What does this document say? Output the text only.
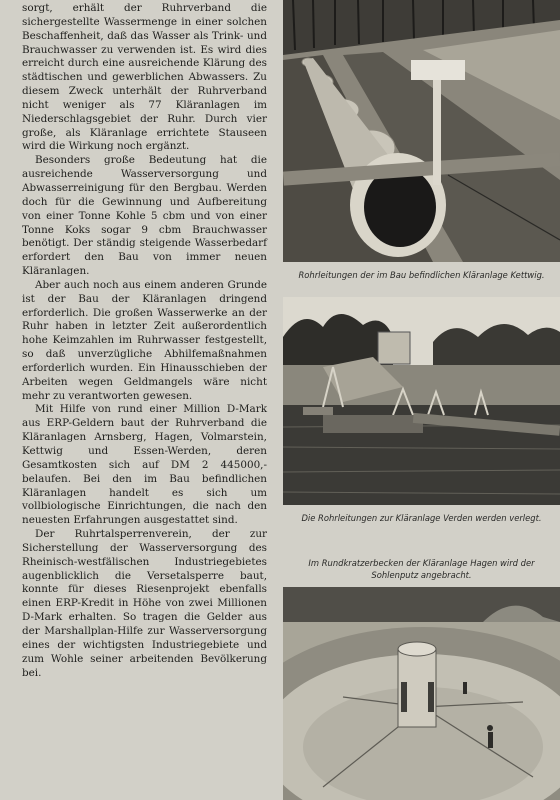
sorgt, erhält der Ruhrverband die sichergestellte Wassermenge in einer solchen Beschaffenheit, daß das Wasser als Trink- und Brauchwasser zu verwenden ist. Es wird dies erreicht durch eine ausreichende Klärung des städtischen und gewerblichen Abwassers. Zu diesem Zweck unterhält der Ruhrverband nicht weniger als 77 Kläranlagen im Niederschlagsgebiet der Ruhr. Durch vier große, als Kläranlage errichtete Stauseen wird die Wirkung noch ergänzt.

Besonders große Bedeutung hat die ausreichende Wasserversorgung und Abwasserreinigung für den Bergbau. Werden doch für die Gewinnung und Aufbereitung von einer Tonne Kohle 5 cbm und von einer Tonne Koks sogar 9 cbm Brauchwasser benötigt. Der ständig steigende Wasserbedarf erfordert den Bau von immer neuen Kläranlagen.

Aber auch noch aus einem anderen Grunde ist der Bau der Kläranlagen dringend erforderlich. Die großen Wasserwerke an der Ruhr haben in letzter Zeit außerordentlich hohe Keimzahlen im Ruhrwasser festgestellt, so daß unverzügliche Abhilfemaßnahmen erforderlich wurden. Ein Hinausschieben der Arbeiten wegen Geldmangels wäre nicht mehr zu verantworten gewesen.

Mit Hilfe von rund einer Million D-Mark aus ERP-Geldern baut der Ruhrverband die Kläranlagen Arnsberg, Hagen, Volmarstein, Kettwig und Essen-Werden, deren Gesamtkosten sich auf DM 2 445000,- belaufen. Bei den im Bau befindlichen Kläranlagen handelt es sich um vollbiologische Einrichtungen, die nach den neuesten Erfahrungen ausgestattet sind.

Der Ruhrtalsperrenverein, der zur Sicherstellung der Wasserversorgung des Rheinisch-westfälischen Industriegebietes augenblicklich die Versetalsperre baut, konnte für dieses Riesenprojekt ebenfalls einen ERP-Kredit in Höhe von zwei Millionen D-Mark erhalten. So tragen die Gelder aus der Marshallplan-Hilfe zur Wasserversorgung eines der wichtigsten Industriegebiete und zum Wohle seiner arbeitenden Bevölkerung bei.

Rohrleitungen der im Bau befindlichen Kläranlage Kettwig.
Die Rohrleitungen zur Kläranlage Verden werden verlegt.
Im Rundkratzerbecken der Kläranlage Hagen wird der Sohlenputz angebracht.
